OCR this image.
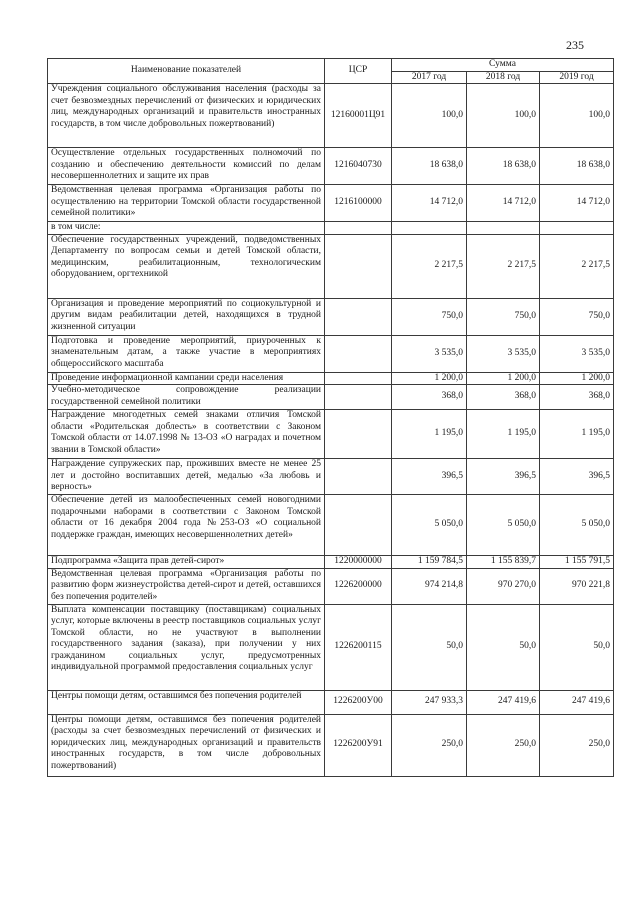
235
Наименование показателей	ЦСР	Сумма		
		2017 год	2018 год	2019 год
Учреждения социального обслуживания населения (расходы за счет безвозмездных перечислений от физических и юридических лиц, международных организаций и правительств иностранных государств, в том числе добровольных пожертвований)	12160001Ц91	100,0	100,0	100,0
Осуществление отдельных государственных полномочий по созданию и обеспечению деятельности комиссий по делам несовершеннолетних и защите их прав	1216040730	18 638,0	18 638,0	18 638,0
Ведомственная целевая программа «Организация работы по осуществлению на территории Томской области государственной семейной политики»	1216100000	14 712,0	14 712,0	14 712,0
в том числе:				
Обеспечение государственных учреждений, подведомственных Департаменту по вопросам семьи и детей Томской области, медицинским, реабилитационным, технологическим оборудованием, оргтехникой		2 217,5	2 217,5	2 217,5
Организация и проведение мероприятий по социокультурной и другим видам реабилитации детей, находящихся в трудной жизненной ситуации		750,0	750,0	750,0
Подготовка и проведение мероприятий, приуроченных к знаменательным датам, а также участие в мероприятиях общероссийского масштаба		3 535,0	3 535,0	3 535,0
Проведение информационной кампании среди населения		1 200,0	1 200,0	1 200,0
Учебно-методическое сопровождение реализации государственной семейной политики		368,0	368,0	368,0
Награждение многодетных семей знаками отличия Томской области «Родительская доблесть» в соответствии с Законом Томской области от 14.07.1998 № 13-ОЗ «О наградах и почетном звании в Томской области»		1 195,0	1 195,0	1 195,0
Награждение супружеских пар, проживших вместе не менее 25 лет и достойно воспитавших детей, медалью «За любовь и верность»		396,5	396,5	396,5
Обеспечение детей из малообеспеченных семей новогодними подарочными наборами в соответствии с Законом Томской области от 16 декабря 2004 года №253-ОЗ «О социальной поддержке граждан, имеющих несовершеннолетних детей»		5 050,0	5 050,0	5 050,0
Подпрограмма «Защита прав детей-сирот»	1220000000	1 159 784,5	1 155 839,7	1 155 791,5
Ведомственная целевая программа «Организация работы по развитию форм жизнеустройства детей-сирот и детей, оставшихся без попечения родителей»	1226200000	974 214,8	970 270,0	970 221,8
Выплата компенсации поставщику (поставщикам) социальных услуг, которые включены в реестр поставщиков социальных услуг Томской области, но не участвуют в выполнении государственного задания (заказа), при получении у них гражданином социальных услуг, предусмотренных индивидуальной программой предоставления социальных услуг	1226200115	50,0	50,0	50,0
Центры помощи детям, оставшимся без попечения родителей	1226200У00	247 933,3	247 419,6	247 419,6
Центры помощи детям, оставшимся без попечения родителей (расходы за счет безвозмездных перечислений от физических и юридических лиц, международных организаций и правительств иностранных государств, в том числе добровольных пожертвований)	1226200У91	250,0	250,0	250,0
